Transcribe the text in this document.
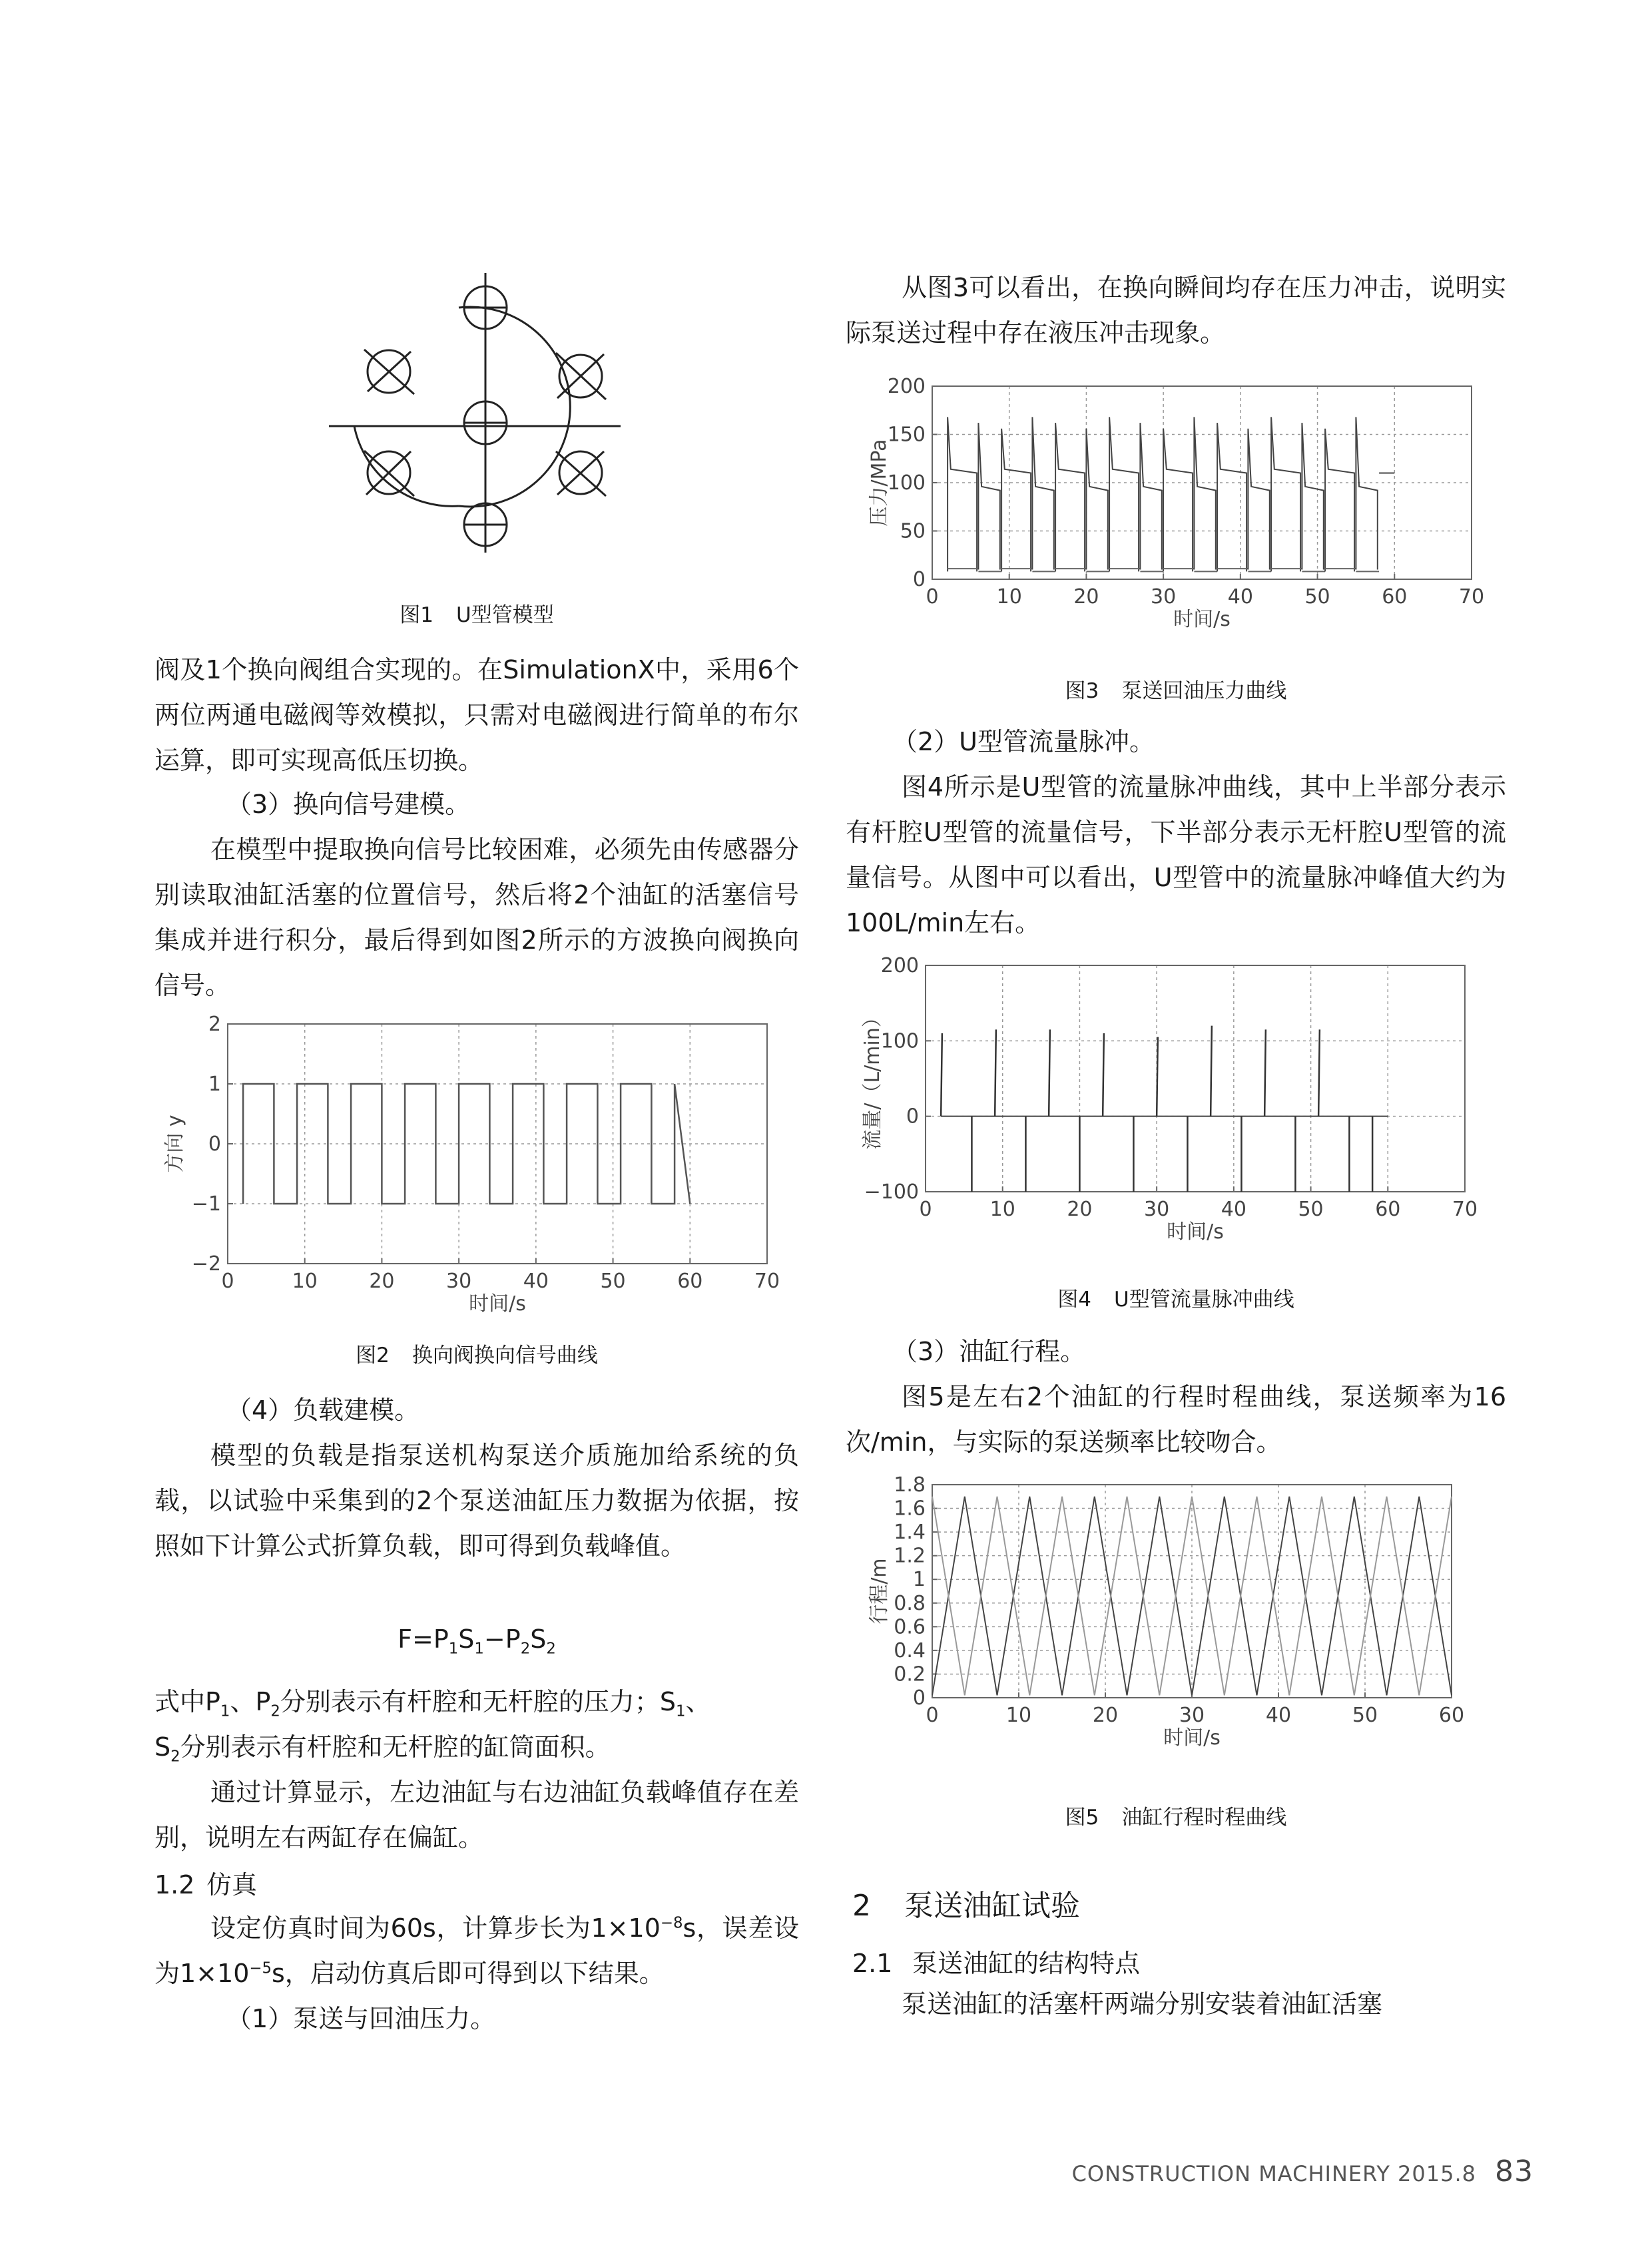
图1 U型管模型

阀及1个换向阀组合实现的。在SimulationX中，采用6个两位两通电磁阀等效模拟，只需对电磁阀进行简单的布尔运算，即可实现高低压切换。

（3）换向信号建模。

在模型中提取换向信号比较困难，必须先由传感器分别读取油缸活塞的位置信号，然后将2个油缸的活塞信号集成并进行积分，最后得到如图2所示的方波换向阀换向信号。

0	10	20	30	40	50	60	70
2
1
0
−1
−2
时间/s
方向 y
图2 换向阀换向信号曲线

（4）负载建模。

模型的负载是指泵送机构泵送介质施加给系统的负载，以试验中采集到的2个泵送油缸压力数据为依据，按照如下计算公式折算负载，即可得到负载峰值。

$F=P_1S_1-P_2S_2$

式中$P_1$、$P_2$分别表示有杆腔和无杆腔的压力；$S_1$、
$S_2$分别表示有杆腔和无杆腔的缸筒面积。

通过计算显示，左边油缸与右边油缸负载峰值存在差别，说明左右两缸存在偏缸。

1.2 仿真

设定仿真时间为60s，计算步长为$1\times 10^{-8}s$，误差设为$1\times 10^{-5}s$，启动仿真后即可得到以下结果。

（1）泵送与回油压力。

从图3可以看出，在换向瞬间均存在压力冲击，说明实际泵送过程中存在液压冲击现象。

0	10	20	30	40	50	60	70
200
150
100
50
0
时间/s
压力/MPa
图3 泵送回油压力曲线

（2）U型管流量脉冲。

图4所示是U型管的流量脉冲曲线，其中上半部分表示有杆腔U型管的流量信号，下半部分表示无杆腔U型管的流量信号。从图中可以看出，U型管中的流量脉冲峰值大约为100L/min左右。

0	10	20	30	40	50	60	70
200
100
0
−100
时间/s
流量/（L/min）
图4 U型管流量脉冲曲线

（3）油缸行程。

图5是左右2个油缸的行程时程曲线，泵送频率为16次/min，与实际的泵送频率比较吻合。

0	10	20	30	40	50	60
1.8
1.6
1.4
1.2
1
0.8
0.6
0.4
0.2
0
时间/s
行程/m
图5 油缸行程时程曲线
2 泵送油缸试验
2.1 泵送油缸的结构特点

泵送油缸的活塞杆两端分别安装着油缸活塞

CONSTRUCTION MACHINERY 2015.8 83
